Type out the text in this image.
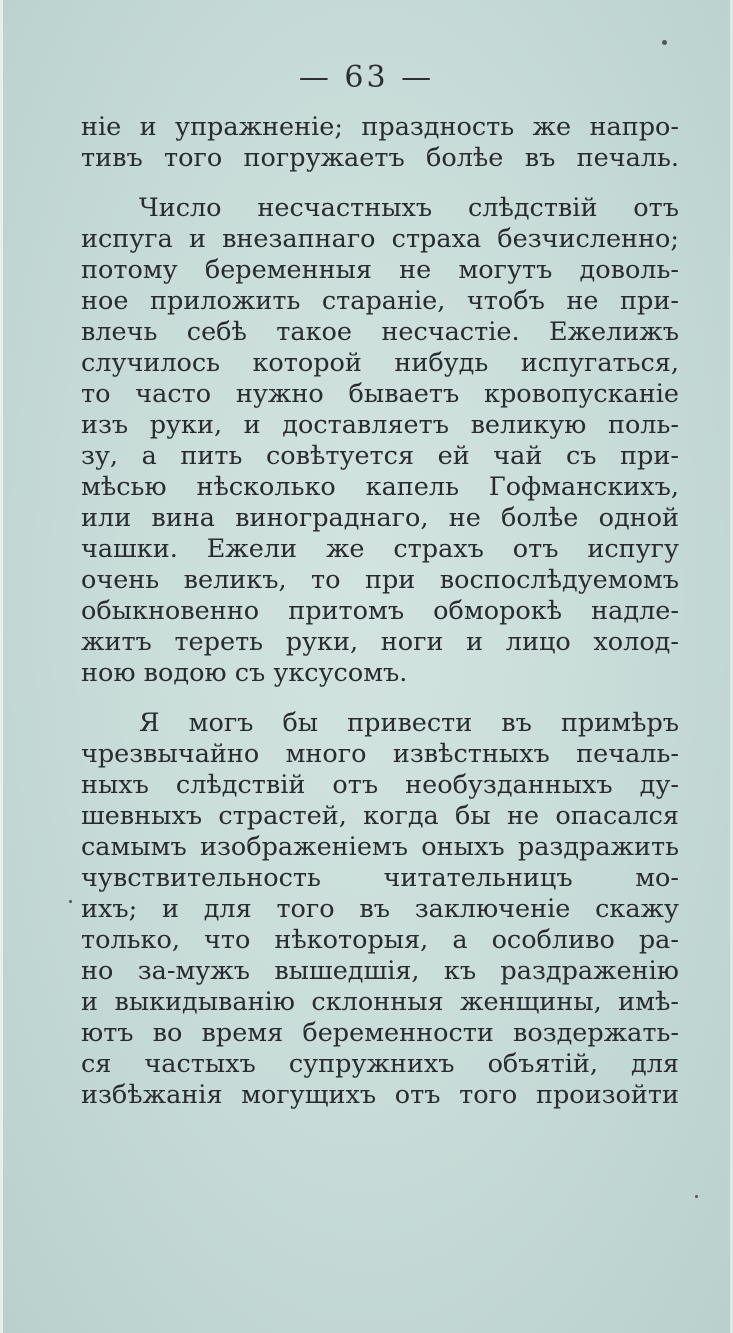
— 63 —

ніе и упражненіе; праздность же напро-
тивъ того погружаетъ болѣе въ печаль.

Число несчастныхъ слѣдствій отъ
испуга и внезапнаго страха безчисленно;
потому беременныя не могутъ доволь-
ное приложить стараніе, чтобъ не при-
влечь себѣ такое несчастіе. Ежелижъ
случилось которой нибудь испугаться,
то часто нужно бываетъ кровопусканіе
изъ руки, и доставляетъ великую поль-
зу, а пить совѣтуется ей чай съ при-
мѣсью нѣсколько капель Гофманскихъ,
или вина винограднаго, не болѣе одной
чашки. Ежели же страхъ отъ испугу
очень великъ, то при воспослѣдуемомъ
обыкновенно притомъ обморокѣ надле-
житъ тереть руки, ноги и лицо холод-
ною водою съ уксусомъ.

Я могъ бы привести въ примѣръ
чрезвычайно много извѣстныхъ печаль-
ныхъ слѣдствій отъ необузданныхъ ду-
шевныхъ страстей, когда бы не опасался
самымъ изображеніемъ оныхъ раздражить
чувствительность читательницъ мо-
ихъ; и для того въ заключеніе скажу
только, что нѣкоторыя, а особливо ра-
но за-мужъ вышедшія, къ раздраженію
и выкидыванію склонныя женщины, имѣ-
ютъ во время беременности воздержать-
ся частыхъ супружнихъ объятій, для
избѣжанія могущихъ отъ того произойти
